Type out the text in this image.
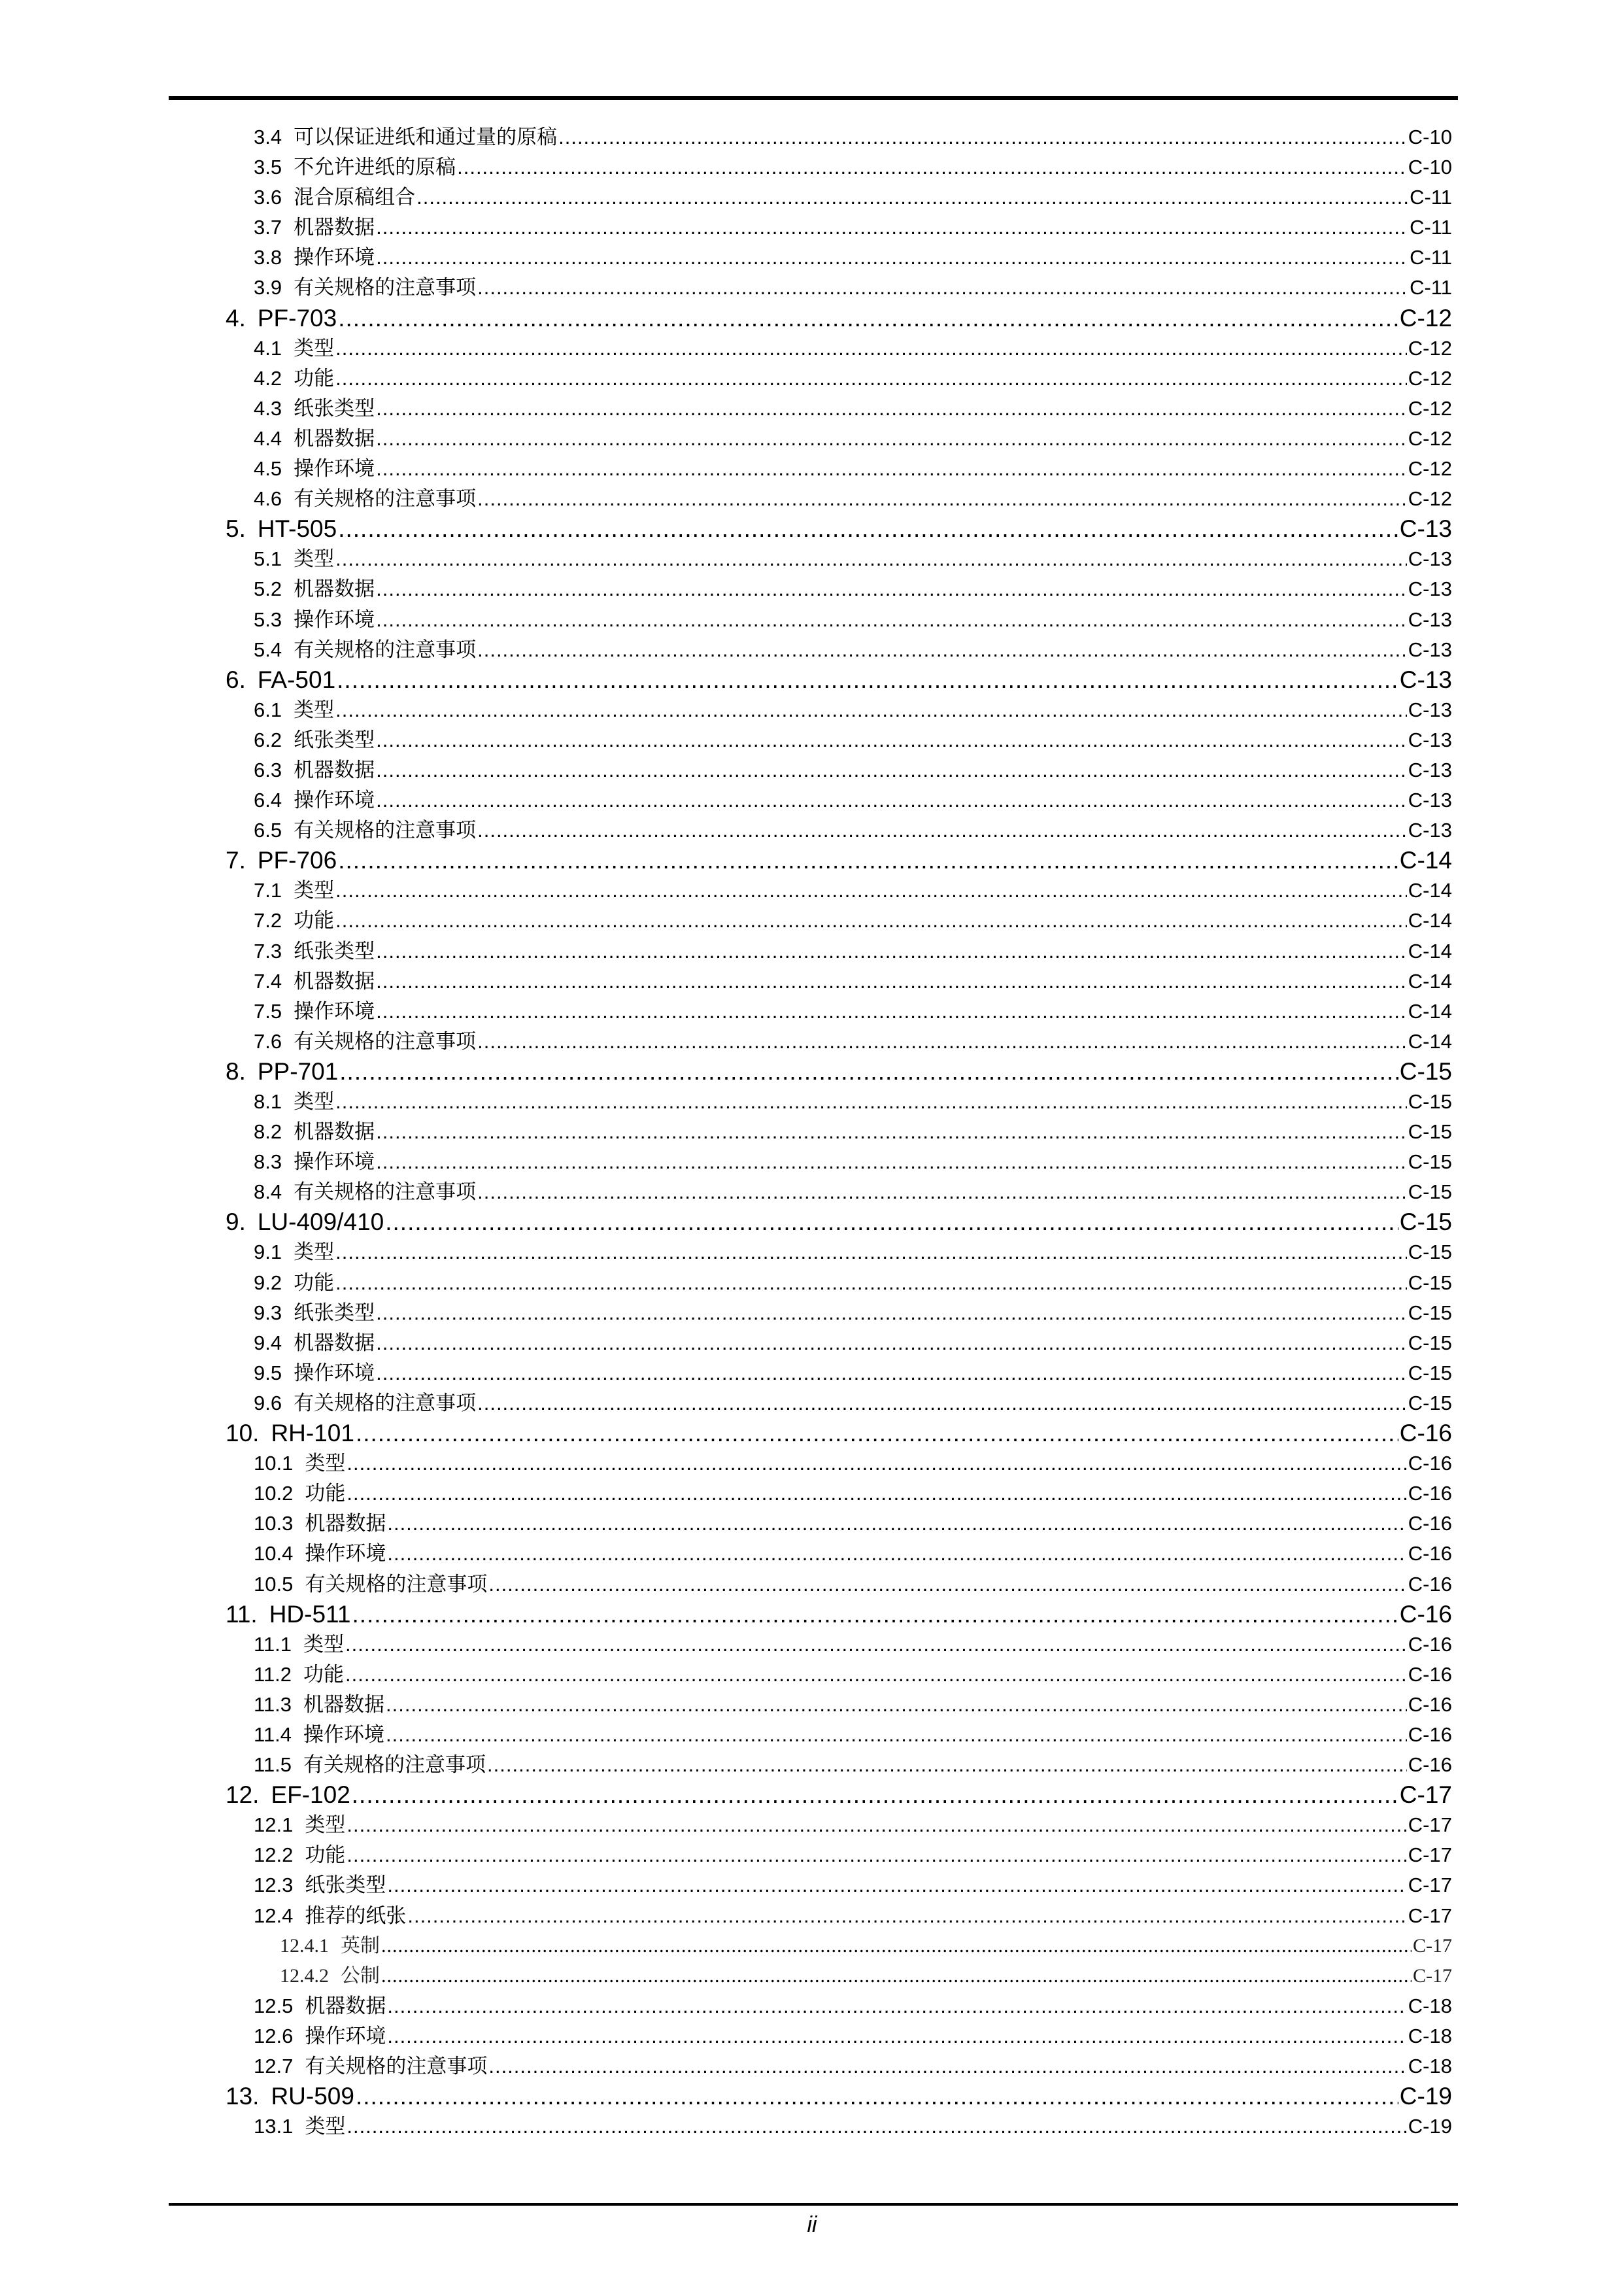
3.4 可以保证进纸和通过量的原稿 .....	C-10
3.5 不允许进纸的原稿 .....	C-10
3.6 混合原稿组合 .....	C-11
3.7 机器数据 .....	C-11
3.8 操作环境 .....	C-11
3.9 有关规格的注意事项 .....	C-11
4. PF-703 .....	C-12
4.1 类型 .....	C-12
4.2 功能 .....	C-12
4.3 纸张类型 .....	C-12
4.4 机器数据 .....	C-12
4.5 操作环境 .....	C-12
4.6 有关规格的注意事项 .....	C-12
5. HT-505 .....	C-13
5.1 类型 .....	C-13
5.2 机器数据 .....	C-13
5.3 操作环境 .....	C-13
5.4 有关规格的注意事项 .....	C-13
6. FA-501 .....	C-13
6.1 类型 .....	C-13
6.2 纸张类型 .....	C-13
6.3 机器数据 .....	C-13
6.4 操作环境 .....	C-13
6.5 有关规格的注意事项 .....	C-13
7. PF-706 .....	C-14
7.1 类型 .....	C-14
7.2 功能 .....	C-14
7.3 纸张类型 .....	C-14
7.4 机器数据 .....	C-14
7.5 操作环境 .....	C-14
7.6 有关规格的注意事项 .....	C-14
8. PP-701 .....	C-15
8.1 类型 .....	C-15
8.2 机器数据 .....	C-15
8.3 操作环境 .....	C-15
8.4 有关规格的注意事项 .....	C-15
9. LU-409/410 .....	C-15
9.1 类型 .....	C-15
9.2 功能 .....	C-15
9.3 纸张类型 .....	C-15
9.4 机器数据 .....	C-15
9.5 操作环境 .....	C-15
9.6 有关规格的注意事项 .....	C-15
10. RH-101 .....	C-16
10.1 类型 .....	C-16
10.2 功能 .....	C-16
10.3 机器数据 .....	C-16
10.4 操作环境 .....	C-16
10.5 有关规格的注意事项 .....	C-16
11. HD-511 .....	C-16
11.1 类型 .....	C-16
11.2 功能 .....	C-16
11.3 机器数据 .....	C-16
11.4 操作环境 .....	C-16
11.5 有关规格的注意事项 .....	C-16
12. EF-102 .....	C-17
12.1 类型 .....	C-17
12.2 功能 .....	C-17
12.3 纸张类型 .....	C-17
12.4 推荐的纸张 .....	C-17
12.4.1 英制 .....	C-17
12.4.2 公制 .....	C-17
12.5 机器数据 .....	C-18
12.6 操作环境 .....	C-18
12.7 有关规格的注意事项 .....	C-18
13. RU-509 .....	C-19
13.1 类型 .....	C-19
ii
